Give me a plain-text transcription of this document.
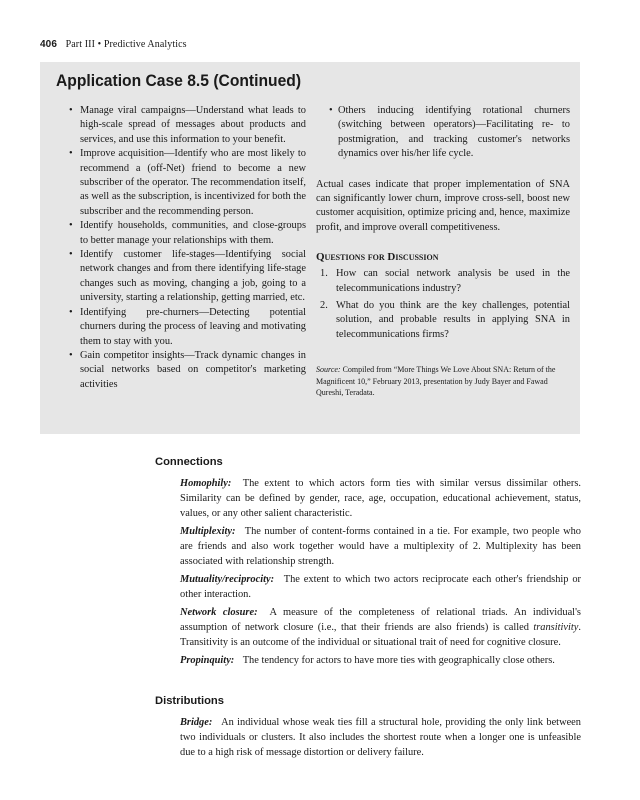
406 Part III • Predictive Analytics
Application Case 8.5 (Continued)
• Manage viral campaigns—Understand what leads to high-scale spread of messages about products and services, and use this information to your benefit.
• Improve acquisition—Identify who are most likely to recommend a (off-Net) friend to become a new subscriber of the operator. The recommendation itself, as well as the subscription, is incentivized for both the subscriber and the recommending person.
• Identify households, communities, and close-groups to better manage your relationships with them.
• Identify customer life-stages—Identifying social network changes and from there identifying life-stage changes such as moving, changing a job, going to a university, starting a relationship, getting married, etc.
• Identifying pre-churners—Detecting potential churners during the process of leaving and motivating them to stay with you.
• Gain competitor insights—Track dynamic changes in social networks based on competitor's marketing activities
• Others inducing identifying rotational churners (switching between operators)—Facilitating re- to postmigration, and tracking customer's networks dynamics over his/her life cycle.

Actual cases indicate that proper implementation of SNA can significantly lower churn, improve cross-sell, boost new customer acquisition, optimize pricing and, hence, maximize profit, and improve overall competitiveness.

Questions for Discussion
1. How can social network analysis be used in the telecommunications industry?
2. What do you think are the key challenges, potential solution, and probable results in applying SNA in telecommunications firms?

Source: Compiled from “More Things We Love About SNA: Return of the Magnificent 10,” February 2013, presentation by Judy Bayer and Fawad Qureshi, Teradata.

Connections

Homophily: The extent to which actors form ties with similar versus dissimilar others. Similarity can be defined by gender, race, age, occupation, educational achievement, status, values, or any other salient characteristic.

Multiplexity: The number of content-forms contained in a tie. For example, two people who are friends and also work together would have a multiplexity of 2. Multiplexity has been associated with relationship strength.

Mutuality/reciprocity: The extent to which two actors reciprocate each other's friendship or other interaction.

Network closure: A measure of the completeness of relational triads. An individual's assumption of network closure (i.e., that their friends are also friends) is called transitivity. Transitivity is an outcome of the individual or situational trait of need for cognitive closure.

Propinquity: The tendency for actors to have more ties with geographically close others.

Distributions

Bridge: An individual whose weak ties fill a structural hole, providing the only link between two individuals or clusters. It also includes the shortest route when a longer one is unfeasible due to a high risk of message distortion or delivery failure.
